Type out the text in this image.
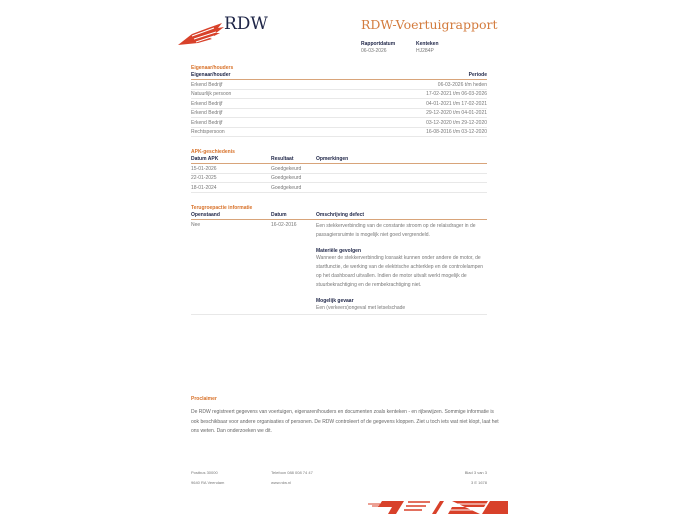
RDW	RDW-Voertuigrapport
Rapportdatum
06-03-2026
Kenteken
HJ284P
Eigenaar/houders
Eigenaar/houder	Periode
Erkend Bedrijf	06-03-2026 t/m heden
Natuurlijk persoon	17-02-2021 t/m 06-03-2026
Erkend Bedrijf	04-01-2021 t/m 17-02-2021
Erkend Bedrijf	29-12-2020 t/m 04-01-2021
Erkend Bedrijf	03-12-2020 t/m 29-12-2020
Rechtspersoon	16-08-2016 t/m 03-12-2020
APK-geschiedenis
Datum APK	Resultaat	Opmerkingen
15-01-2026	Goedgekeurd	
22-01-2025	Goedgekeurd	
18-01-2024	Goedgekeurd	
Terugroepactie informatie
Openstaand	Datum	Omschrijving defect
Nee	16-02-2016	Een stekkerverbinding van de constante stroom op de relaisdrager in de passagiersruimte is mogelijk niet goed vergrendeld.
Materiële gevolgen
Wanneer de stekkerverbinding losraakt kunnen onder andere de motor, de startfunctie, de werking van de elektrische achterklep en de controlelampen op het dashboard uitvallen. Indien de motor uitvalt werkt mogelijk de stuurbekrachtiging en de rembekrachtiging niet.
Mogelijk gevaar
Een (verkeers)ongeval met letselschade
Proclaimer
De RDW registreert gegevens van voertuigen, eigenaren/houders en documenten zoals kenteken - en rijbewijzen. Sommige informatie is ook beschikbaar voor andere organisaties of personen. De RDW controleert of de gegevens kloppen. Ziet u toch iets wat niet klopt, laat het ons weten. Dan onderzoeken we dit.
Postbus 30000
9640 RA Veendam
Telefoon 088 008 74 47
www.rdw.nl
Blad 3 van 3
3 E 1678
